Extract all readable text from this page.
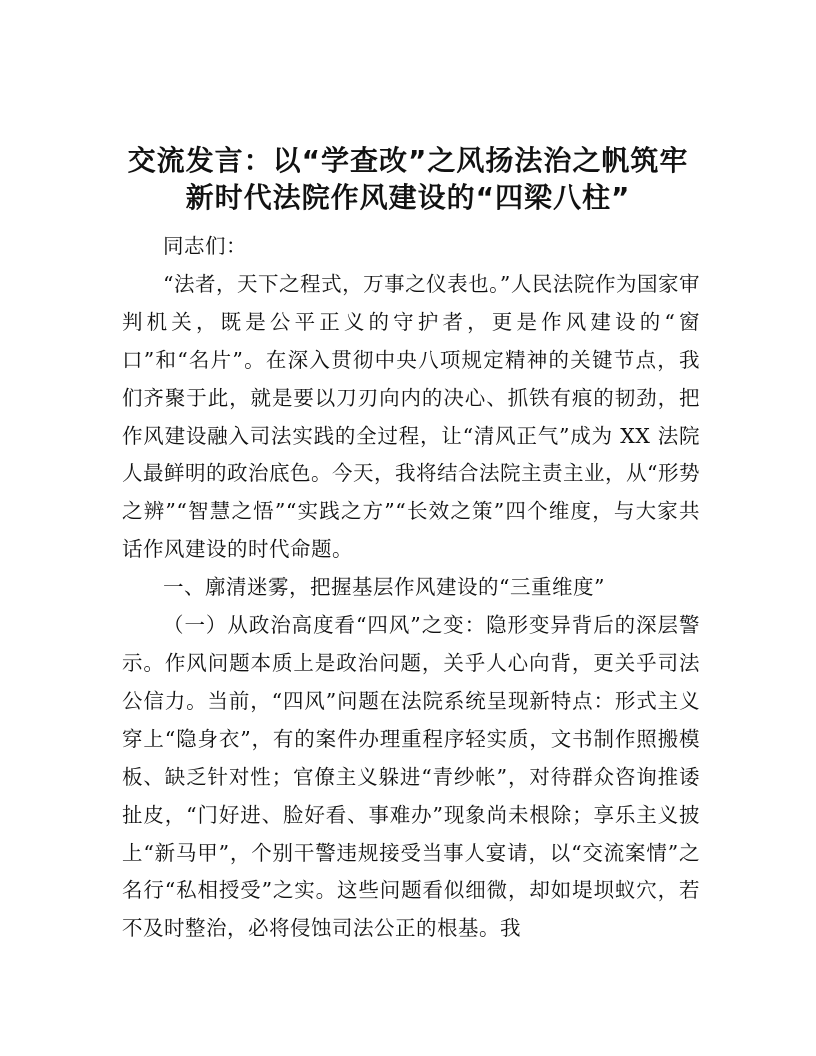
交流发言：以“学查改”之风扬法治之帆筑牢
新时代法院作风建设的“四梁八柱”

同志们：

“法者，天下之程式，万事之仪表也。”人民法院作为国家审判机关，既是公平正义的守护者，更是作风建设的“窗口”和“名片”。在深入贯彻中央八项规定精神的关键节点，我们齐聚于此，就是要以刀刃向内的决心、抓铁有痕的韧劲，把作风建设融入司法实践的全过程，让“清风正气”成为 XX 法院人最鲜明的政治底色。今天，我将结合法院主责主业，从“形势之辨”“智慧之悟”“实践之方”“长效之策”四个维度，与大家共话作风建设的时代命题。

一、廓清迷雾，把握基层作风建设的“三重维度”

（一）从政治高度看“四风”之变：隐形变异背后的深层警示。作风问题本质上是政治问题，关乎人心向背，更关乎司法公信力。当前，“四风”问题在法院系统呈现新特点：形式主义穿上“隐身衣”，有的案件办理重程序轻实质，文书制作照搬模板、缺乏针对性；官僚主义躲进“青纱帐”，对待群众咨询推诿扯皮，“门好进、脸好看、事难办”现象尚未根除；享乐主义披上“新马甲”，个别干警违规接受当事人宴请，以“交流案情”之名行“私相授受”之实。这些问题看似细微，却如堤坝蚁穴，若不及时整治，必将侵蚀司法公正的根基。我
